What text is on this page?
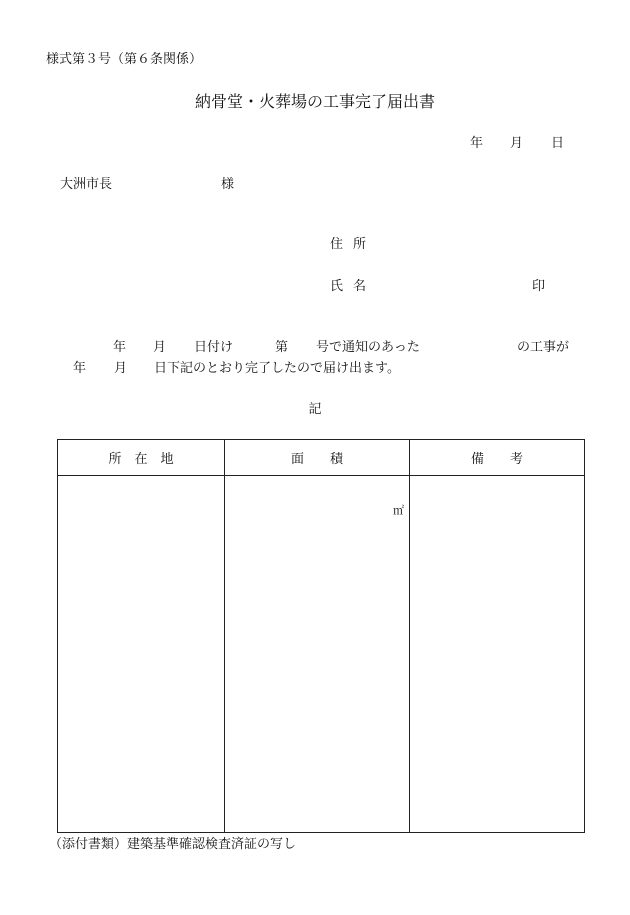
様式第３号（第６条関係）
納骨堂・火葬場の工事完了届出書
年 月 日
大洲市長	様
住所
氏名	印
年 月 日付け	第 号で通知のあった	の工事が
年 月 日下記のとおり完了したので届け出ます。
記
所　在　地	面　　積	備　　考

	㎡	

（添付書類）建築基準確認検査済証の写し
